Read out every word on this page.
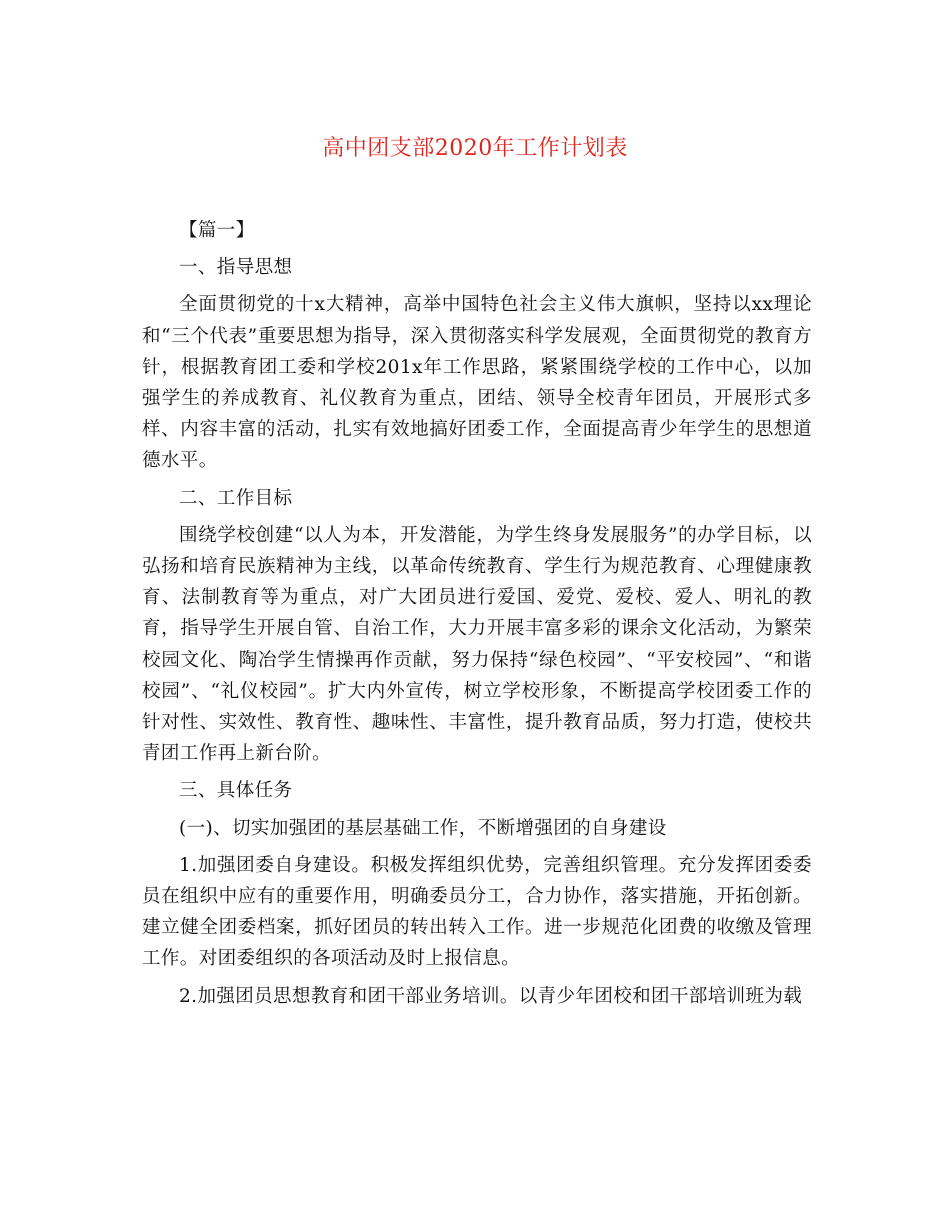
高中团支部2020年工作计划表

【篇一】

一、指导思想

全面贯彻党的十x大精神，高举中国特色社会主义伟大旗帜，坚持以xx理论和“三个代表”重要思想为指导，深入贯彻落实科学发展观，全面贯彻党的教育方针，根据教育团工委和学校201x年工作思路，紧紧围绕学校的工作中心，以加强学生的养成教育、礼仪教育为重点，团结、领导全校青年团员，开展形式多样、内容丰富的活动，扎实有效地搞好团委工作，全面提高青少年学生的思想道德水平。

二、工作目标

围绕学校创建“以人为本，开发潜能，为学生终身发展服务”的办学目标，以弘扬和培育民族精神为主线，以革命传统教育、学生行为规范教育、心理健康教育、法制教育等为重点，对广大团员进行爱国、爱党、爱校、爱人、明礼的教育，指导学生开展自管、自治工作，大力开展丰富多彩的课余文化活动，为繁荣校园文化、陶冶学生情操再作贡献，努力保持“绿色校园”、“平安校园”、“和谐校园”、“礼仪校园”。扩大内外宣传，树立学校形象，不断提高学校团委工作的针对性、实效性、教育性、趣味性、丰富性，提升教育品质，努力打造，使校共青团工作再上新台阶。

三、具体任务

(一)、切实加强团的基层基础工作，不断增强团的自身建设

1.加强团委自身建设。积极发挥组织优势，完善组织管理。充分发挥团委委员在组织中应有的重要作用，明确委员分工，合力协作，落实措施，开拓创新。建立健全团委档案，抓好团员的转出转入工作。进一步规范化团费的收缴及管理工作。对团委组织的各项活动及时上报信息。

2.加强团员思想教育和团干部业务培训。以青少年团校和团干部培训班为载
